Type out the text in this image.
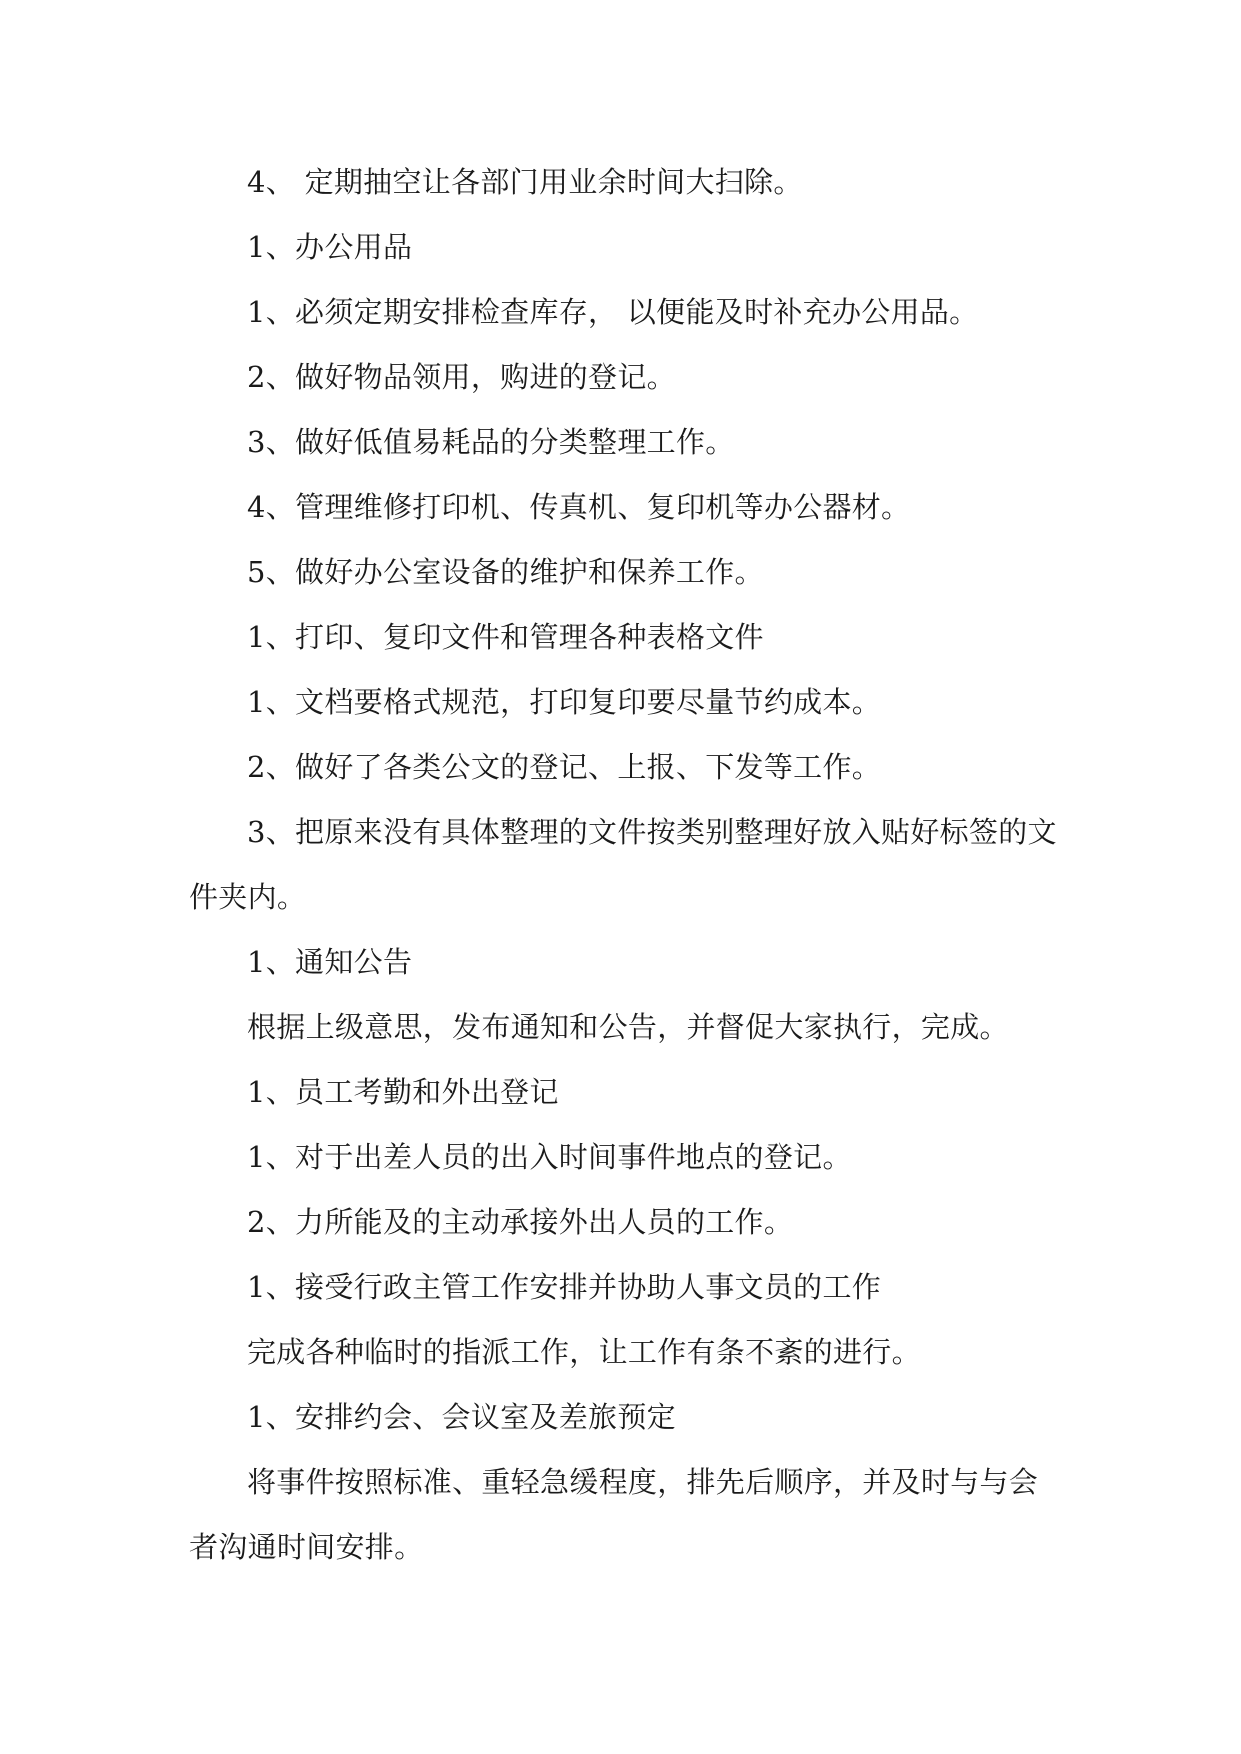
4、 定期抽空让各部门用业余时间大扫除。

1、办公用品

1、必须定期安排检查库存， 以便能及时补充办公用品。

2、做好物品领用，购进的登记。

3、做好低值易耗品的分类整理工作。

4、管理维修打印机、传真机、复印机等办公器材。

5、做好办公室设备的维护和保养工作。

1、打印、复印文件和管理各种表格文件

1、文档要格式规范，打印复印要尽量节约成本。

2、做好了各类公文的登记、上报、下发等工作。

3、把原来没有具体整理的文件按类别整理好放入贴好标签的文件夹内。

1、通知公告

根据上级意思，发布通知和公告，并督促大家执行，完成。

1、员工考勤和外出登记

1、对于出差人员的出入时间事件地点的登记。

2、力所能及的主动承接外出人员的工作。

1、接受行政主管工作安排并协助人事文员的工作

完成各种临时的指派工作，让工作有条不紊的进行。

1、安排约会、会议室及差旅预定

将事件按照标准、重轻急缓程度，排先后顺序，并及时与与会者沟通时间安排。
